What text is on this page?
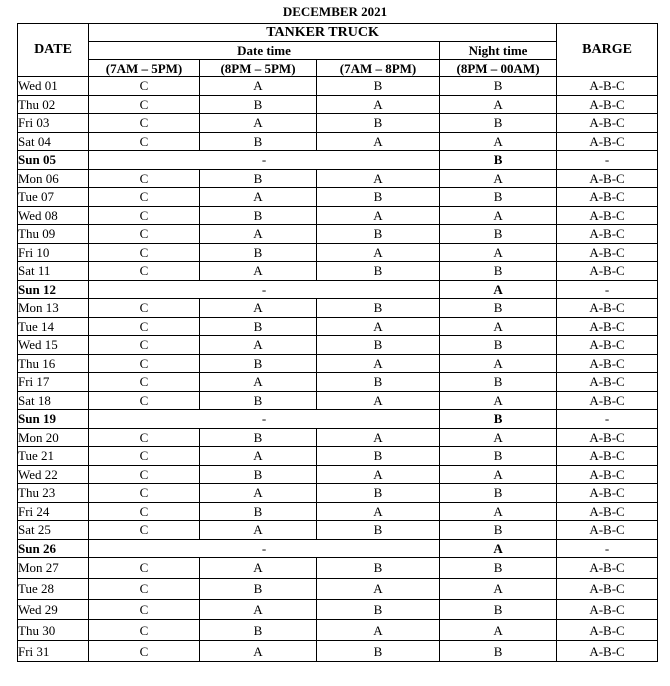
DECEMBER 2021
DATE	TANKER TRUCK				BARGE
	Date time			Night time	
	(7AM – 5PM)	(8PM – 5PM)	(7AM – 8PM)	(8PM – 00AM)	
Wed 01	C	A	B	B	A-B-C
Thu 02	C	B	A	A	A-B-C
Fri 03	C	A	B	B	A-B-C
Sat 04	C	B	A	A	A-B-C
Sun 05	-			B	-
Mon 06	C	B	A	A	A-B-C
Tue 07	C	A	B	B	A-B-C
Wed 08	C	B	A	A	A-B-C
Thu 09	C	A	B	B	A-B-C
Fri 10	C	B	A	A	A-B-C
Sat 11	C	A	B	B	A-B-C
Sun 12	-			A	-
Mon 13	C	A	B	B	A-B-C
Tue 14	C	B	A	A	A-B-C
Wed 15	C	A	B	B	A-B-C
Thu 16	C	B	A	A	A-B-C
Fri 17	C	A	B	B	A-B-C
Sat 18	C	B	A	A	A-B-C
Sun 19	-			B	-
Mon 20	C	B	A	A	A-B-C
Tue 21	C	A	B	B	A-B-C
Wed 22	C	B	A	A	A-B-C
Thu 23	C	A	B	B	A-B-C
Fri 24	C	B	A	A	A-B-C
Sat 25	C	A	B	B	A-B-C
Sun 26	-			A	-
Mon 27	C	A	B	B	A-B-C
Tue 28	C	B	A	A	A-B-C
Wed 29	C	A	B	B	A-B-C
Thu 30	C	B	A	A	A-B-C
Fri 31	C	A	B	B	A-B-C
